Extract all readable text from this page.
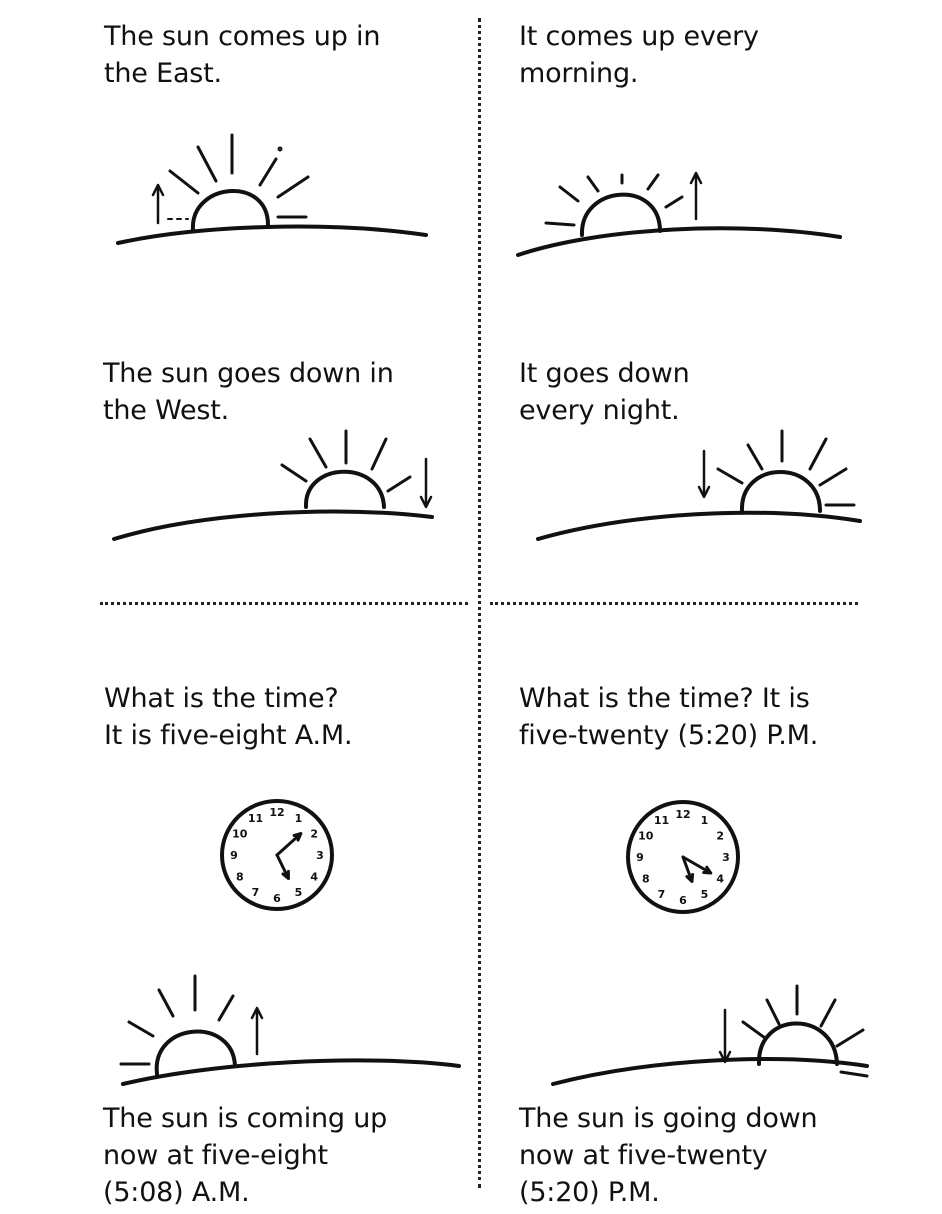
The sun comes up in
the East.
It comes up every
morning.
The sun goes down in
the West.
It goes down
every night.
What is the time?
It is five-eight A.M.
12 1
2
3
4
5
6
7
8
9
10
11
The sun is coming up
now at five-eight
(5:08) A.M.
What is the time? It is
five-twenty (5:20) P.M.
12 1
2
3
4
5
6
7
8
9
10
11
The sun is going down
now at five-twenty
(5:20) P.M.
